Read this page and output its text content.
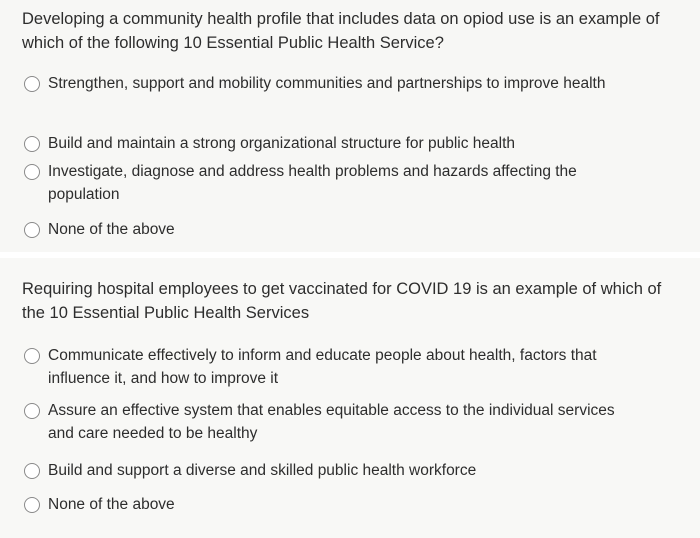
Developing a community health profile that includes data on opiod use is an example of which of the following 10 Essential Public Health Service?

Strengthen, support and mobility communities and partnerships to improve health
Build and maintain a strong organizational structure for public health
Investigate, diagnose and address health problems and hazards affecting the population
None of the above

Requiring hospital employees to get vaccinated for COVID 19 is an example of which of the 10 Essential Public Health Services

Communicate effectively to inform and educate people about health, factors that influence it, and how to improve it
Assure an effective system that enables equitable access to the individual services and care needed to be healthy
Build and support a diverse and skilled public health workforce
None of the above
